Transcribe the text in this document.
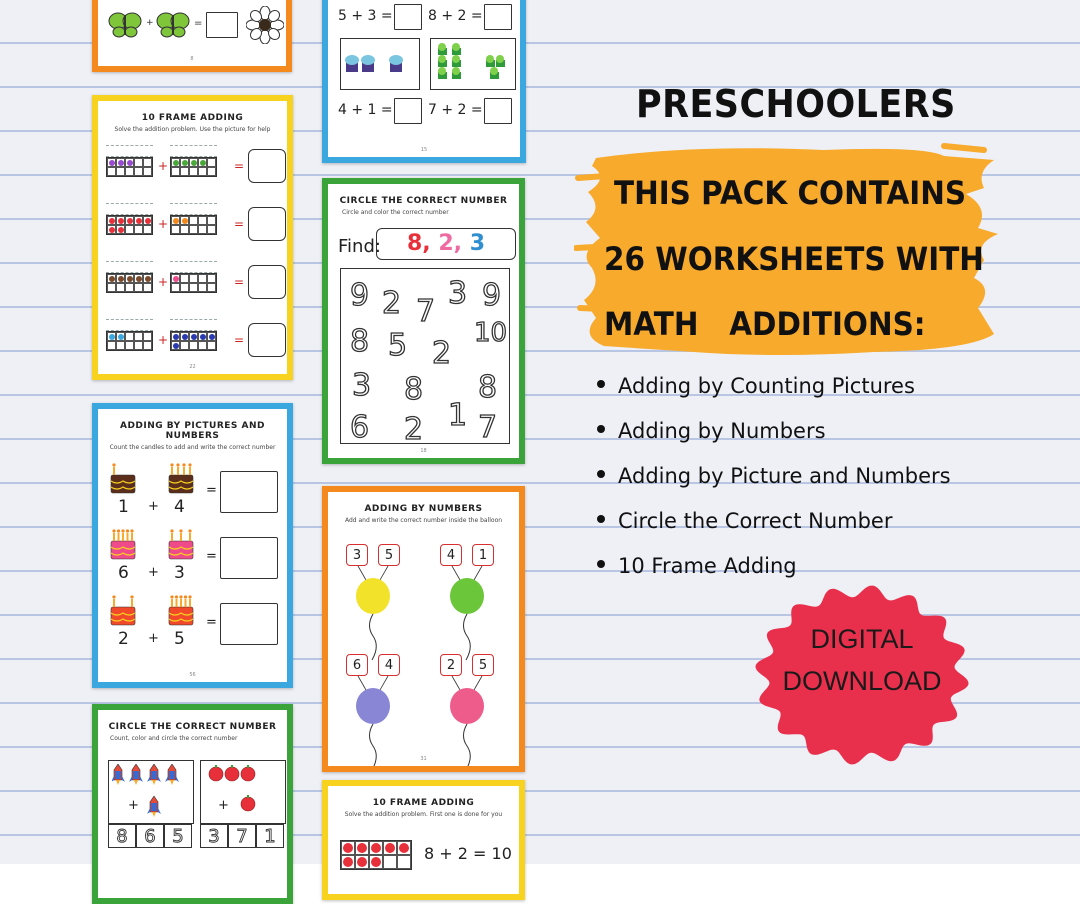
+	=
8
5 + 3 =	8 + 2 =
4 + 1 =	7 + 2 =
15
10 FRAME ADDING
Solve the addition problem. Use the picture for help
+	=
+	=
+	=
+	=
22
CIRCLE THE CORRECT NUMBER
Circle and color the correct number
Find:	8, 2, 3
9 2 7
3 9
8 5 2
10
3 8 8
6 2 1 7
18
ADDING BY PICTURES AND NUMBERS
Count the candles to add and write the correct number
1 + 4
=
6 + 3
=
2 + 5
=
56
ADDING BY NUMBERS
Add and write the correct number inside the balloon
3	5	4	1
6	4	2	5
31
CIRCLE THE CORRECT NUMBER
Count, color and circle the correct number
+	+
8 6 5	3 7 1
10 FRAME ADDING
Solve the addition problem. First one is done for you
8 + 2 = 10
PRESCHOOLERS
THIS PACK CONTAINS
26 WORKSHEETS WITH
MATH   ADDITIONS:
Adding by Counting Pictures
Adding by Numbers
Adding by Picture and Numbers
Circle the Correct Number
10 Frame Adding
DIGITAL
DOWNLOAD
